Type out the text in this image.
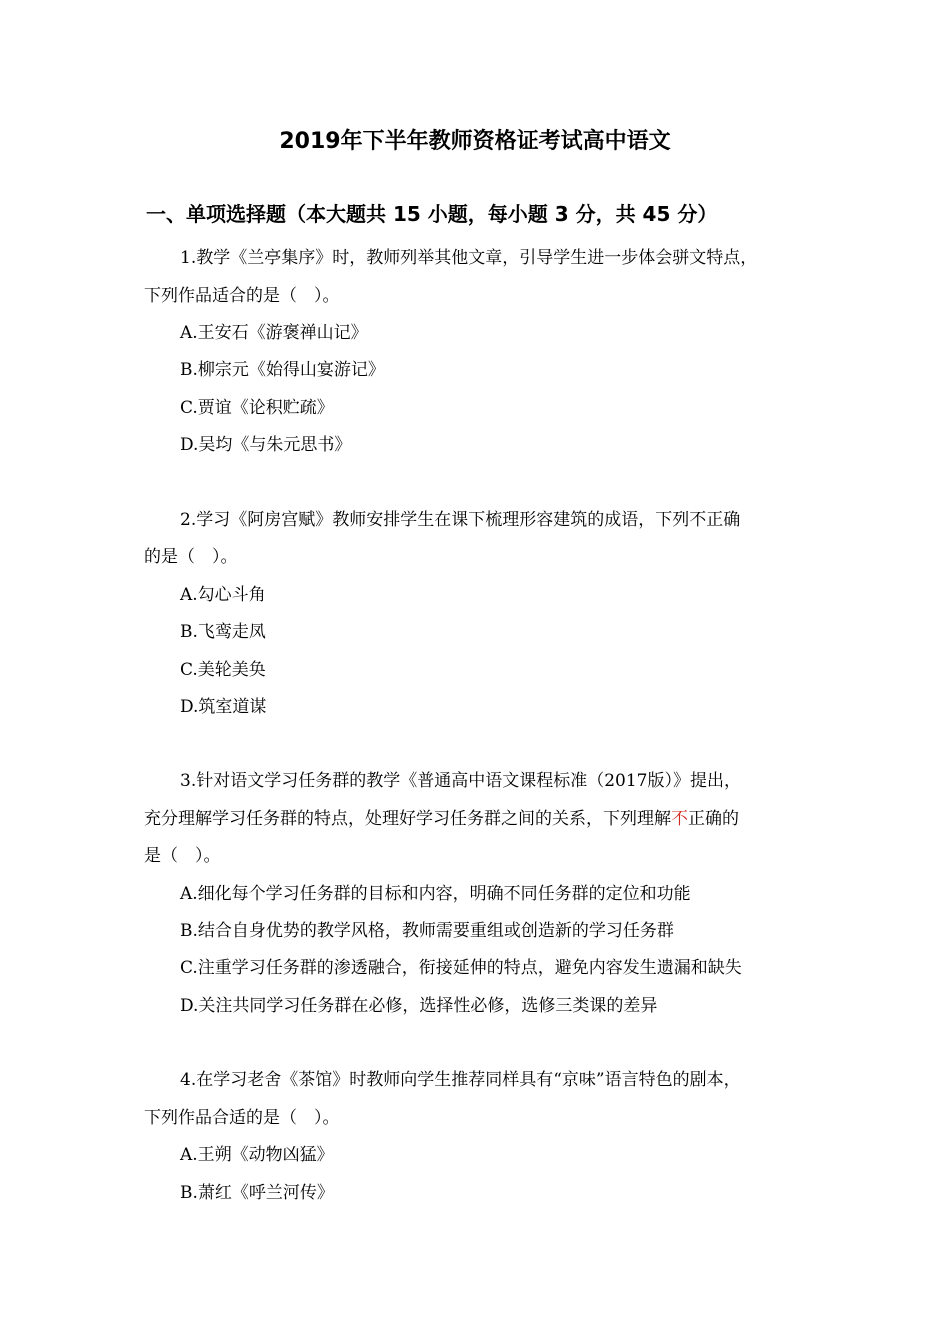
2019年下半年教师资格证考试高中语文
一、单项选择题（本大题共 15 小题，每小题 3 分，共 45 分）
1.教学《兰亭集序》时，教师列举其他文章，引导学生进一步体会骈文特点，
下列作品适合的是（　）。
A.王安石《游褒禅山记》
B.柳宗元《始得山宴游记》
C.贾谊《论积贮疏》
D.吴均《与朱元思书》
2.学习《阿房宫赋》教师安排学生在课下梳理形容建筑的成语，下列不正确
的是（　）。
A.勾心斗角
B.飞鸾走凤
C.美轮美奂
D.筑室道谋
3.针对语文学习任务群的教学《普通高中语文课程标准（2017版）》提出，
充分理解学习任务群的特点，处理好学习任务群之间的关系，下列理解不正确的
是（　）。
A.细化每个学习任务群的目标和内容，明确不同任务群的定位和功能
B.结合自身优势的教学风格，教师需要重组或创造新的学习任务群
C.注重学习任务群的渗透融合，衔接延伸的特点，避免内容发生遗漏和缺失
D.关注共同学习任务群在必修，选择性必修，选修三类课的差异
4.在学习老舍《茶馆》时教师向学生推荐同样具有“京味”语言特色的剧本，
下列作品合适的是（　）。
A.王朔《动物凶猛》
B.萧红《呼兰河传》
